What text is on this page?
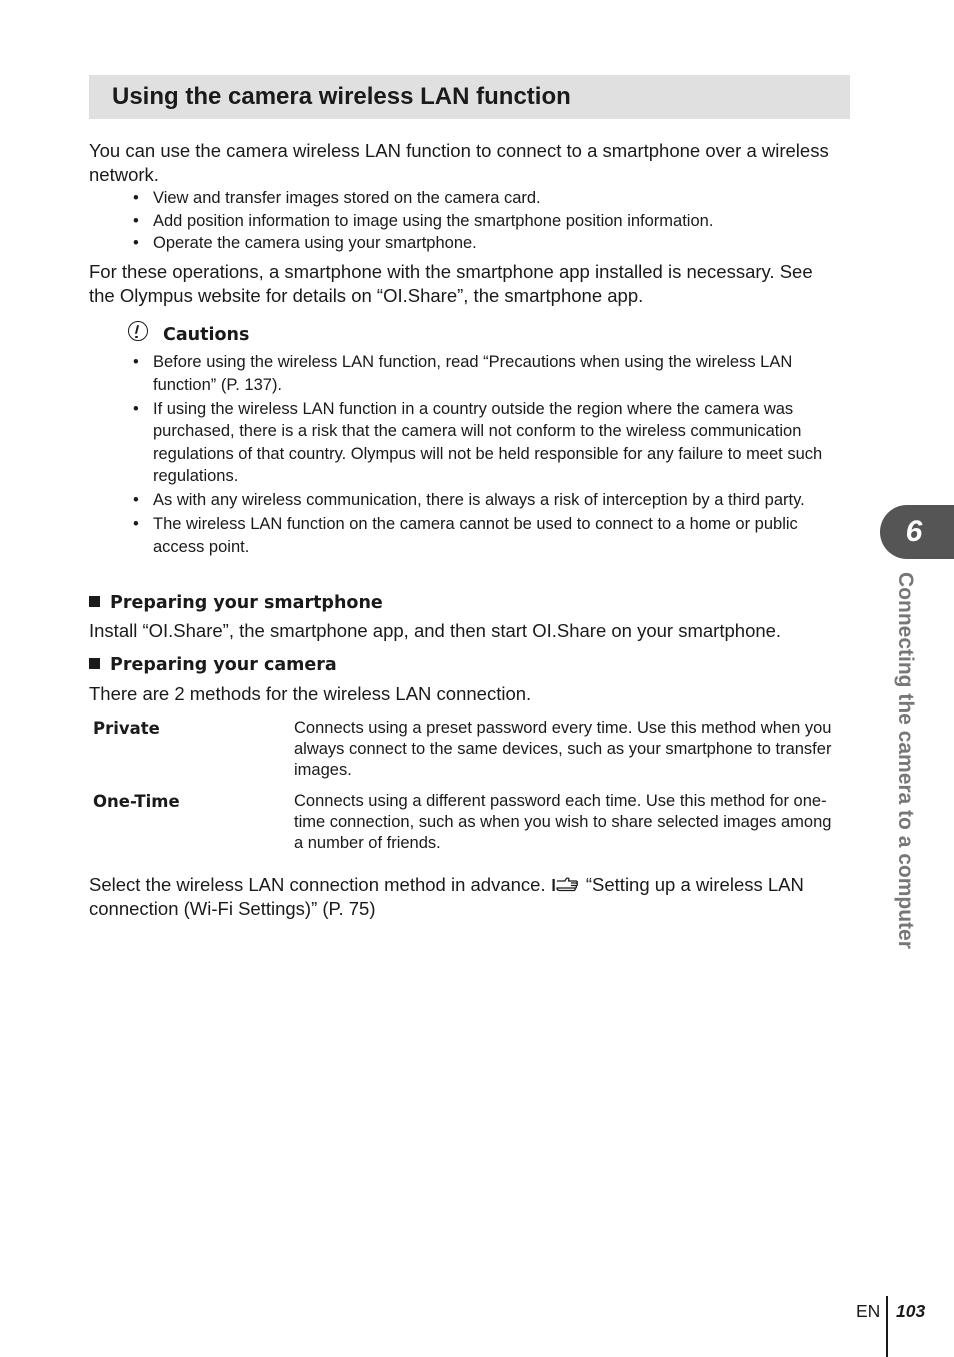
Using the camera wireless LAN function

You can use the camera wireless LAN function to connect to a smartphone over a wireless network.

• View and transfer images stored on the camera card.
• Add position information to image using the smartphone position information.
• Operate the camera using your smartphone.

For these operations, a smartphone with the smartphone app installed is necessary. See the Olympus website for details on “OI.Share”, the smartphone app.

Cautions
• Before using the wireless LAN function, read “Precautions when using the wireless LAN function” (P. 137).
• If using the wireless LAN function in a country outside the region where the camera was purchased, there is a risk that the camera will not conform to the wireless communication regulations of that country. Olympus will not be held responsible for any failure to meet such regulations.
• As with any wireless communication, there is always a risk of interception by a third party.
• The wireless LAN function on the camera cannot be used to connect to a home or public access point.
Preparing your smartphone

Install “OI.Share”, the smartphone app, and then start OI.Share on your smartphone.

Preparing your camera

There are 2 methods for the wireless LAN connection.

Private	Connects using a preset password every time. Use this method when you always connect to the same devices, such as your smartphone to transfer images.

One-Time	Connects using a different password each time. Use this method for one-time connection, such as when you wish to share selected images among a number of friends.

Select the wireless LAN connection method in advance. “Setting up a wireless LAN connection (Wi-Fi Settings)” (P. 75)

6
Connecting the camera to a computer
EN 103
